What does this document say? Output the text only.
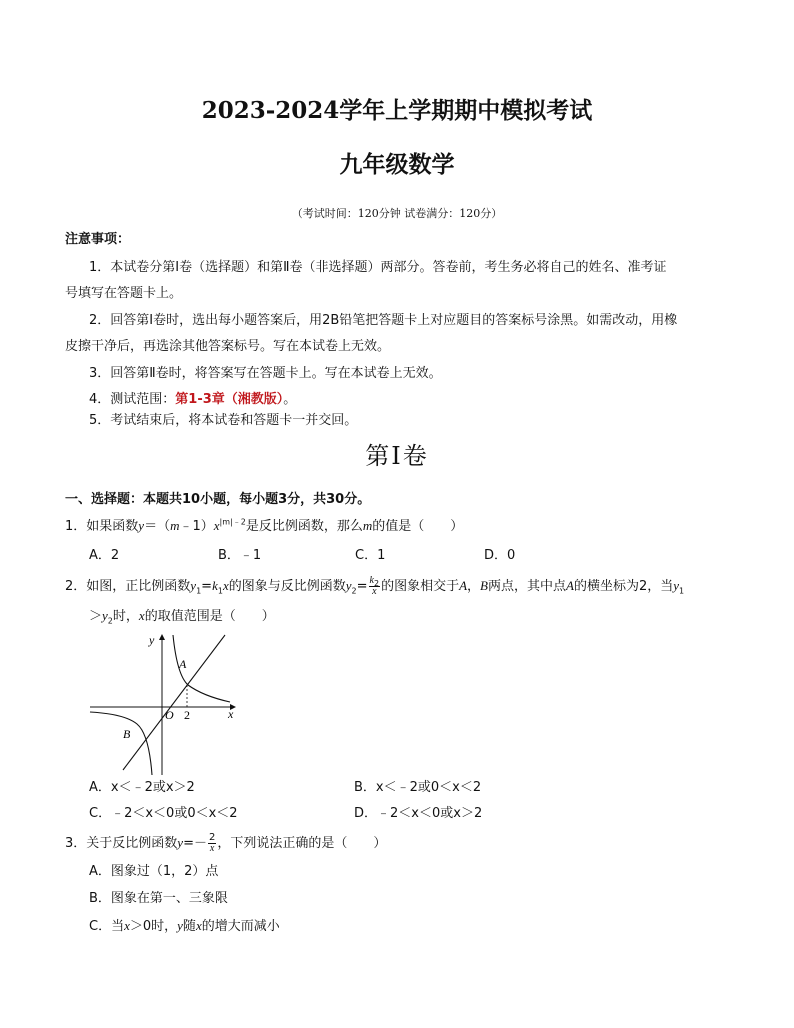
2023-2024学年上学期期中模拟考试
九年级数学
（考试时间：120分钟 试卷满分：120分）
注意事项：
1．本试卷分第Ⅰ卷（选择题）和第Ⅱ卷（非选择题）两部分。答卷前，考生务必将自己的姓名、准考证
号填写在答题卡上。
2．回答第Ⅰ卷时，选出每小题答案后，用2B铅笔把答题卡上对应题目的答案标号涂黑。如需改动，用橡
皮擦干净后，再选涂其他答案标号。写在本试卷上无效。
3．回答第Ⅱ卷时，将答案写在答题卡上。写在本试卷上无效。
4．测试范围：第1-3章（湘教版）。
5．考试结束后，将本试卷和答题卡一并交回。
第Ⅰ卷
一、选择题：本题共10小题，每小题3分，共30分。
1．如果函数$y=(m﹣1)x^{|m|﹣2}$是反比例函数，那么m的值是（　　）
A．2	B．﹣1	C．1	D．0
2．如图，正比例函数$y_1=k_1x$的图象与反比例函数$y_2= \frac{k_2}{x}$ 的图象相交于A，B两点，其中点A的横坐标为2，当$y_1$
$>y_2$时，x的取值范围是（　　）
y
x
O 2
A
B
A．x＜﹣2或x＞2	B．x＜﹣2或0＜x＜2
C．﹣2＜x＜0或0＜x＜2	D．﹣2＜x＜0或x＞2
3．关于反比例函数$y=- \frac{2}{x}$ ，下列说法正确的是（　　）
A．图象过（1，2）点
B．图象在第一、三象限
C．当x＞0时，y随x的增大而减小
